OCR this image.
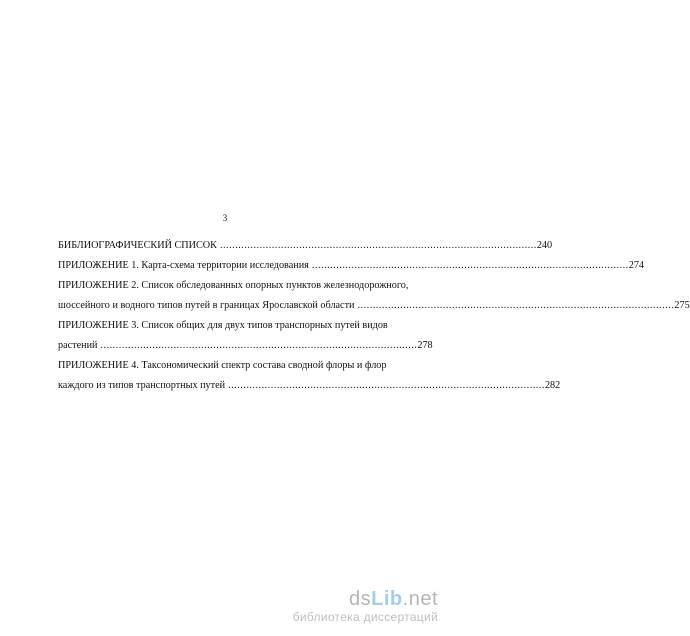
3
БИБЛИОГРАФИЧЕСКИЙ СПИСОК ........................................................................................................ 240
ПРИЛОЖЕНИЕ 1. Карта-схема территории исследования ........................................................................................................ 274
ПРИЛОЖЕНИЕ 2. Список обследованных опорных пунктов железнодорожного,
шоссейного и водного типов путей в границах Ярославской области ........................................................................................................ 275
ПРИЛОЖЕНИЕ 3. Список общих для двух типов транспорных путей видов
растений ........................................................................................................ 278
ПРИЛОЖЕНИЕ 4. Таксономический спектр состава сводной флоры и флор
каждого из типов транспортных путей ........................................................................................................ 282
dsLib.net
библиотека диссертаций
